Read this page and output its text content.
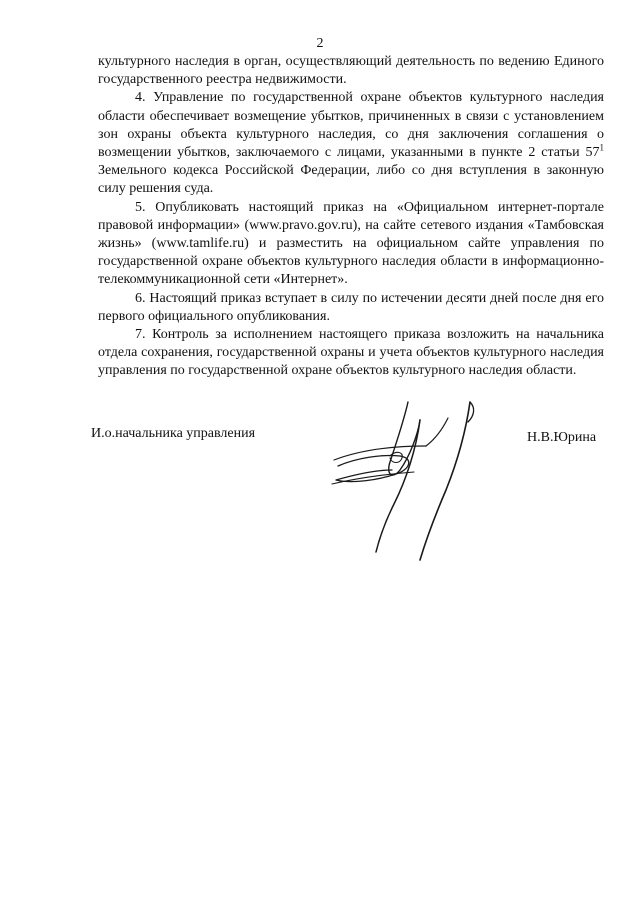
2

культурного наследия в орган, осуществляющий деятельность по ведению Единого государственного реестра недвижимости.

4. Управление по государственной охране объектов культурного наследия области обеспечивает возмещение убытков, причиненных в связи с установлением зон охраны объекта культурного наследия, со дня заключения соглашения о возмещении убытков, заключаемого с лицами, указанными в пункте 2 статьи $57^1$ Земельного кодекса Российской Федерации, либо со дня вступления в законную силу решения суда.

5. Опубликовать настоящий приказ на «Официальном интернет-портале правовой информации» (www.pravo.gov.ru), на сайте сетевого издания «Тамбовская жизнь» (www.tamlife.ru) и разместить на официальном сайте управления по государственной охране объектов культурного наследия области в информационно-телекоммуникационной сети «Интернет».

6. Настоящий приказ вступает в силу по истечении десяти дней после дня его первого официального опубликования.

7. Контроль за исполнением настоящего приказа возложить на начальника отдела сохранения, государственной охраны и учета объектов культурного наследия управления по государственной охране объектов культурного наследия области.

И.о.начальника управления	Н.В.Юрина
